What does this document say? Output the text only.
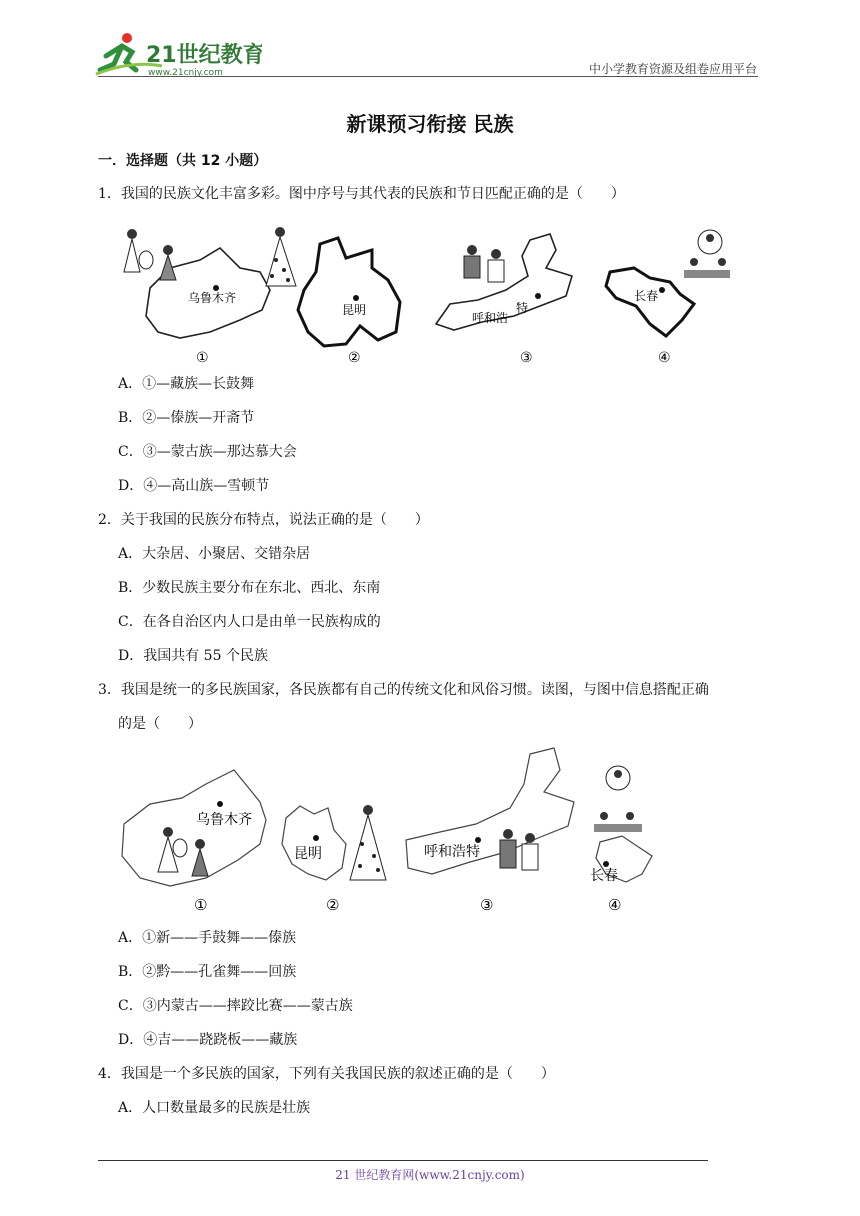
21世纪教育
www.21cnjy.com	中小学教育资源及组卷应用平台
新课预习衔接 民族
一．选择题（共 12 小题）
1．我国的民族文化丰富多彩。图中序号与其代表的民族和节日匹配正确的是（　　）
乌鲁木齐
昆明	特
呼和浩
长春
①	②	③	④
A．①—藏族—长鼓舞
B．②—傣族—开斋节
C．③—蒙古族—那达慕大会
D．④—高山族—雪顿节
2．关于我国的民族分布特点，说法正确的是（　　）
A．大杂居、小聚居、交错杂居
B．少数民族主要分布在东北、西北、东南
C．在各自治区内人口是由单一民族构成的
D．我国共有 55 个民族
3．我国是统一的多民族国家，各民族都有自己的传统文化和风俗习惯。读图，与图中信息搭配正确
的是（　　）
乌鲁木齐
昆明	呼和浩特
长春
①	②	③	④
A．①新——手鼓舞——傣族
B．②黔——孔雀舞——回族
C．③内蒙古——摔跤比赛——蒙古族
D．④吉——跷跷板——藏族
4．我国是一个多民族的国家，下列有关我国民族的叙述正确的是（　　）
A．人口数量最多的民族是壮族
21 世纪教育网(www.21cnjy.com)
